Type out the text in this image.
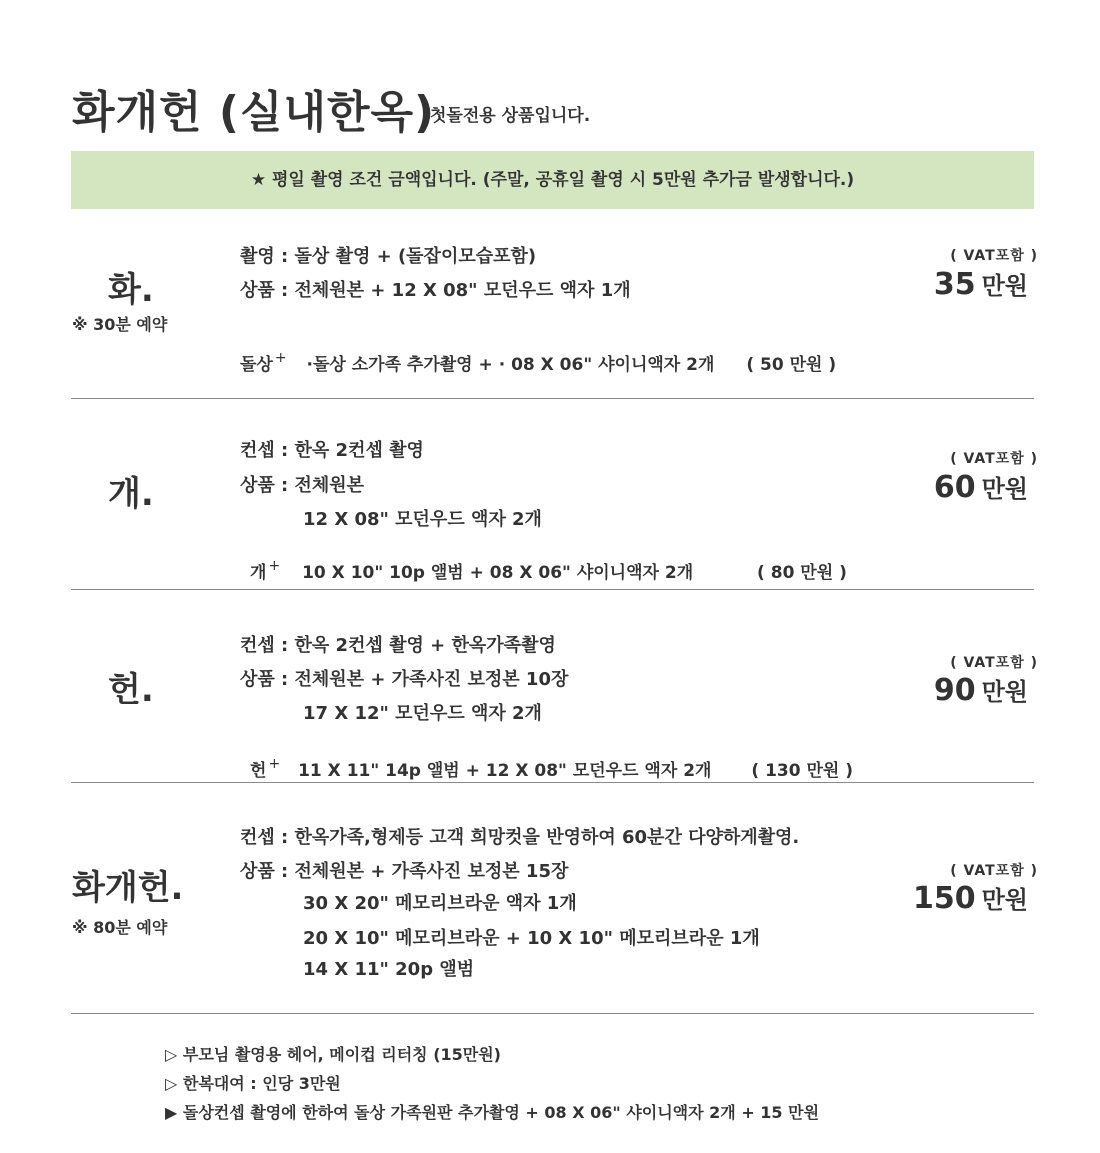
화개헌 (실내한옥)
첫돌전용 상품입니다.
★ 평일 촬영 조건 금액입니다. (주말, 공휴일 촬영 시 5만원 추가금 발생합니다.)
화.
※ 30분 예약
촬영 : 돌상 촬영 + (돌잡이모습포함)
상품 : 전체원본 + 12 X 08" 모던우드 액자 1개
( VAT포함 )
35 만원
돌상 + ·돌상 소가족 추가촬영 + · 08 X 06" 샤이니액자 2개 ( 50 만원 )
개.
컨셉 : 한옥 2컨셉 촬영
상품 : 전체원본
12 X 08" 모던우드 액자 2개
( VAT포함 )
60 만원
개 + 10 X 10" 10p 앨범 + 08 X 06" 샤이니액자 2개	( 80 만원 )
헌.
컨셉 : 한옥 2컨셉 촬영 + 한옥가족촬영
상품 : 전체원본 + 가족사진 보정본 10장
17 X 12" 모던우드 액자 2개
( VAT포함 )
90 만원
헌 + 11 X 11" 14p 앨범 + 12 X 08" 모던우드 액자 2개 ( 130 만원 )
화개헌.
※ 80분 예약
컨셉 : 한옥가족,형제등 고객 희망컷을 반영하여 60분간 다양하게촬영.
상품 : 전체원본 + 가족사진 보정본 15장
30 X 20" 메모리브라운 액자 1개
20 X 10" 메모리브라운 + 10 X 10" 메모리브라운 1개
14 X 11" 20p 앨범
( VAT포함 )
150 만원
▷ 부모님 촬영용 헤어, 메이컵 리터칭 (15만원)
▷ 한복대여 : 인당 3만원
▶ 돌상컨셉 촬영에 한하여 돌상 가족원판 추가촬영 + 08 X 06" 샤이니액자 2개 + 15 만원
